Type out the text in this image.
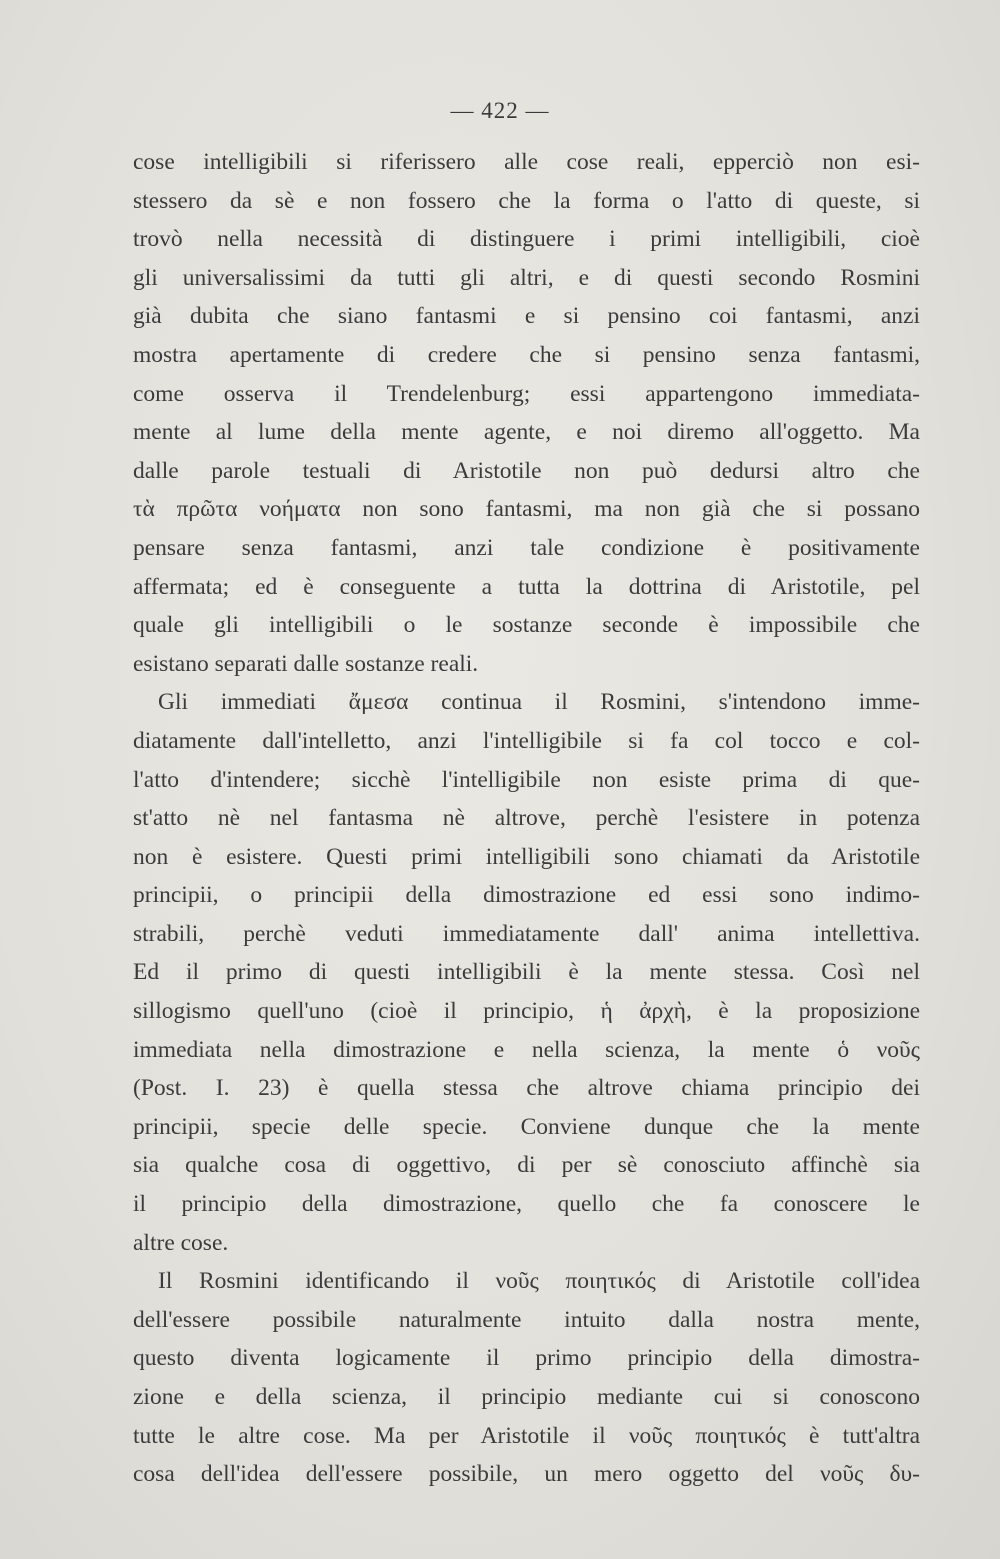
— 422 —
cose intelligibili si riferissero alle cose reali, epperciò non esi-
stessero da sè e non fossero che la forma o l'atto di queste, si
trovò nella necessità di distinguere i primi intelligibili, cioè
gli universalissimi da tutti gli altri, e di questi secondo Rosmini
già dubita che siano fantasmi e si pensino coi fantasmi, anzi
mostra apertamente di credere che si pensino senza fantasmi,
come osserva il Trendelenburg; essi appartengono immediata-
mente al lume della mente agente, e noi diremo all'oggetto. Ma
dalle parole testuali di Aristotile non può dedursi altro che
τὰ πρῶτα νοήματα non sono fantasmi, ma non già che si possano
pensare senza fantasmi, anzi tale condizione è positivamente
affermata; ed è conseguente a tutta la dottrina di Aristotile, pel
quale gli intelligibili o le sostanze seconde è impossibile che
esistano separati dalle sostanze reali.
Gli immediati ἄμεσα continua il Rosmini, s'intendono imme-
diatamente dall'intelletto, anzi l'intelligibile si fa col tocco e col-
l'atto d'intendere; sicchè l'intelligibile non esiste prima di que-
st'atto nè nel fantasma nè altrove, perchè l'esistere in potenza
non è esistere. Questi primi intelligibili sono chiamati da Aristotile
principii, o principii della dimostrazione ed essi sono indimo-
strabili, perchè veduti immediatamente dall' anima intellettiva.
Ed il primo di questi intelligibili è la mente stessa. Così nel
sillogismo quell'uno (cioè il principio, ἡ ἀρχὴ, è la proposizione
immediata nella dimostrazione e nella scienza, la mente ὁ νοῦς
(Post. I. 23) è quella stessa che altrove chiama principio dei
principii, specie delle specie. Conviene dunque che la mente
sia qualche cosa di oggettivo, di per sè conosciuto affinchè sia
il principio della dimostrazione, quello che fa conoscere le
altre cose.
Il Rosmini identificando il νοῦς ποιητικός di Aristotile coll'idea
dell'essere possibile naturalmente intuito dalla nostra mente,
questo diventa logicamente il primo principio della dimostra-
zione e della scienza, il principio mediante cui si conoscono
tutte le altre cose. Ma per Aristotile il νοῦς ποιητικός è tutt'altra
cosa dell'idea dell'essere possibile, un mero oggetto del νοῦς δυ-
